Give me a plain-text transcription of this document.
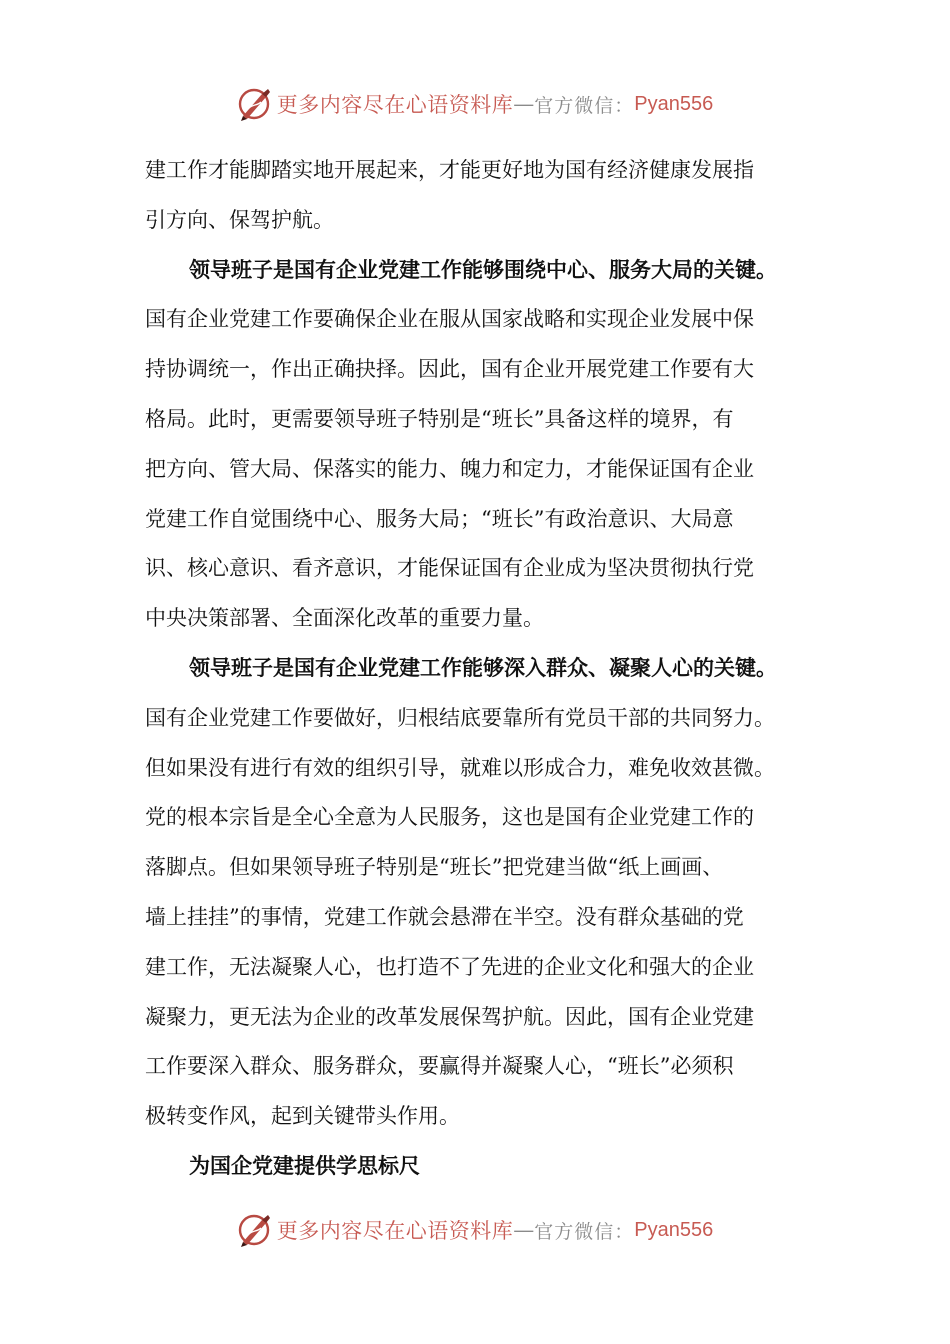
更多内容尽在心语资料库 — 官方微信： Pyan556

建工作才能脚踏实地开展起来，才能更好地为国有经济健康发展指

引方向、保驾护航。

领导班子是国有企业党建工作能够围绕中心、服务大局的关键。

国有企业党建工作要确保企业在服从国家战略和实现企业发展中保

持协调统一，作出正确抉择。因此，国有企业开展党建工作要有大

格局。此时，更需要领导班子特别是“班长”具备这样的境界，有

把方向、管大局、保落实的能力、魄力和定力，才能保证国有企业

党建工作自觉围绕中心、服务大局；“班长”有政治意识、大局意

识、核心意识、看齐意识，才能保证国有企业成为坚决贯彻执行党

中央决策部署、全面深化改革的重要力量。

领导班子是国有企业党建工作能够深入群众、凝聚人心的关键。

国有企业党建工作要做好，归根结底要靠所有党员干部的共同努力。

但如果没有进行有效的组织引导，就难以形成合力，难免收效甚微。

党的根本宗旨是全心全意为人民服务，这也是国有企业党建工作的

落脚点。但如果领导班子特别是“班长”把党建当做“纸上画画、

墙上挂挂”的事情，党建工作就会悬滞在半空。没有群众基础的党

建工作，无法凝聚人心，也打造不了先进的企业文化和强大的企业

凝聚力，更无法为企业的改革发展保驾护航。因此，国有企业党建

工作要深入群众、服务群众，要赢得并凝聚人心，“班长”必须积

极转变作风，起到关键带头作用。

为国企党建提供学思标尺

更多内容尽在心语资料库 — 官方微信： Pyan556
